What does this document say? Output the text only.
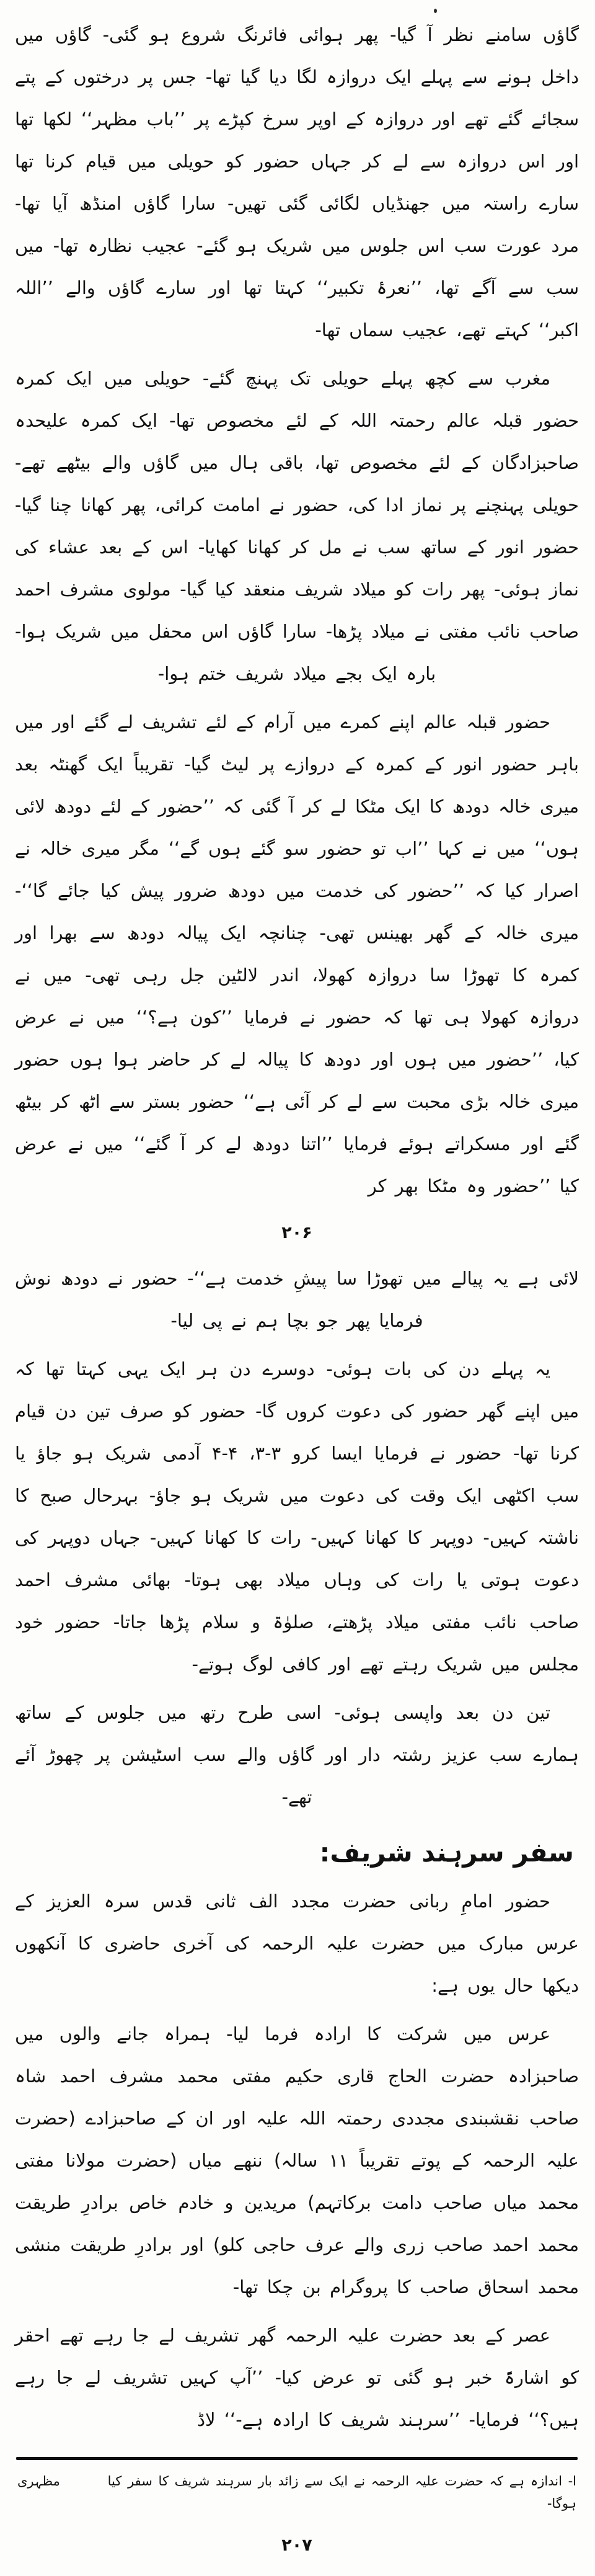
گاؤں سامنے نظر آ گیا- پھر ہوائی فائرنگ شروع ہو گئی- گاؤں میں داخل ہونے سے پہلے ایک دروازہ لگا دیا گیا تھا- جس پر درختوں کے پتے سجائے گئے تھے اور دروازہ کے اوپر سرخ کپڑے پر ’’باب مظہر‘‘ لکھا تھا اور اس دروازہ سے لے کر جہاں حضور کو حویلی میں قیام کرنا تھا سارے راستہ میں جھنڈیاں لگائی گئی تھیں- سارا گاؤں امنڈھ آیا تھا- مرد عورت سب اس جلوس میں شریک ہو گئے- عجیب نظارہ تھا- میں سب سے آگے تھا، ’’نعرۂ تکبیر‘‘ کہتا تھا اور سارے گاؤں والے ’’اللہ اکبر‘‘ کہتے تھے، عجیب سماں تھا-

مغرب سے کچھ پہلے حویلی تک پہنچ گئے- حویلی میں ایک کمرہ حضور قبلہ عالم رحمتہ اللہ کے لئے مخصوص تھا- ایک کمرہ علیحدہ صاحبزادگان کے لئے مخصوص تھا، باقی ہال میں گاؤں والے بیٹھے تھے- حویلی پہنچنے پر نماز ادا کی، حضور نے امامت کرائی، پھر کھانا چنا گیا- حضور انور کے ساتھ سب نے مل کر کھانا کھایا- اس کے بعد عشاء کی نماز ہوئی- پھر رات کو میلاد شریف منعقد کیا گیا- مولوی مشرف احمد صاحب نائب مفتی نے میلاد پڑھا- سارا گاؤں اس محفل میں شریک ہوا- بارہ ایک بجے میلاد شریف ختم ہوا-

حضور قبلہ عالم اپنے کمرے میں آرام کے لئے تشریف لے گئے اور میں باہر حضور انور کے کمرہ کے دروازے پر لیٹ گیا- تقریباً ایک گھنٹہ بعد میری خالہ دودھ کا ایک مٹکا لے کر آ گئی کہ ’’حضور کے لئے دودھ لائی ہوں‘‘ میں نے کہا ’’اب تو حضور سو گئے ہوں گے‘‘ مگر میری خالہ نے اصرار کیا کہ ’’حضور کی خدمت میں دودھ ضرور پیش کیا جائے گا‘‘- میری خالہ کے گھر بھینس تھی- چنانچہ ایک پیالہ دودھ سے بھرا اور کمرہ کا تھوڑا سا دروازہ کھولا، اندر لالٹین جل رہی تھی- میں نے دروازہ کھولا ہی تھا کہ حضور نے فرمایا ’’کون ہے؟‘‘ میں نے عرض کیا، ’’حضور میں ہوں اور دودھ کا پیالہ لے کر حاضر ہوا ہوں حضور میری خالہ بڑی محبت سے لے کر آئی ہے‘‘ حضور بستر سے اٹھ کر بیٹھ گئے اور مسکراتے ہوئے فرمایا ’’اتنا دودھ لے کر آ گئے‘‘ میں نے عرض کیا ’’حضور وہ مٹکا بھر کر

۲۰۶

لائی ہے یہ پیالے میں تھوڑا سا پیشِ خدمت ہے‘‘- حضور نے دودھ نوش فرمایا پھر جو بچا ہم نے پی لیا-

یہ پہلے دن کی بات ہوئی- دوسرے دن ہر ایک یہی کہتا تھا کہ میں اپنے گھر حضور کی دعوت کروں گا- حضور کو صرف تین دن قیام کرنا تھا- حضور نے فرمایا ایسا کرو ۳-۳، ۴-۴ آدمی شریک ہو جاؤ یا سب اکٹھی ایک وقت کی دعوت میں شریک ہو جاؤ- بہرحال صبح کا ناشتہ کہیں- دوپہر کا کھانا کہیں- رات کا کھانا کہیں- جہاں دوپہر کی دعوت ہوتی یا رات کی وہاں میلاد بھی ہوتا- بھائی مشرف احمد صاحب نائب مفتی میلاد پڑھتے، صلوٰۃ و سلام پڑھا جاتا- حضور خود مجلس میں شریک رہتے تھے اور کافی لوگ ہوتے-

تین دن بعد واپسی ہوئی- اسی طرح رتھ میں جلوس کے ساتھ ہمارے سب عزیز رشتہ دار اور گاؤں والے سب اسٹیشن پر چھوڑ آئے تھے-

سفر سرہند شریف:

حضور امامِ ربانی حضرت مجدد الف ثانی قدس سرہ العزیز کے عرس مبارک میں حضرت علیہ الرحمہ کی آخری حاضری کا آنکھوں دیکھا حال یوں ہے:

عرس میں شرکت کا ارادہ فرما لیا- ہمراہ جانے والوں میں صاحبزادہ حضرت الحاج قاری حکیم مفتی محمد مشرف احمد شاہ صاحب نقشبندی مجددی رحمتہ اللہ علیہ اور ان کے صاحبزادے (حضرت علیہ الرحمہ کے پوتے تقریباً ۱۱ سالہ) ننھے میاں (حضرت مولانا مفتی محمد میاں صاحب دامت برکاتہم) مریدین و خادم خاص برادرِ طریقت محمد احمد صاحب زری والے عرف حاجی کلو) اور برادرِ طریقت منشی محمد اسحاق صاحب کا پروگرام بن چکا تھا-

عصر کے بعد حضرت علیہ الرحمہ گھر تشریف لے جا رہے تھے احقر کو اشارۃً خبر ہو گئی تو عرض کیا- ’’آپ کہیں تشریف لے جا رہے ہیں؟‘‘ فرمایا- ’’سرہند شریف کا ارادہ ہے-‘‘ لاڈ

ا- اندازہ ہے کہ حضرت علیہ الرحمہ نے ایک سے زائد بار سرہند شریف کا سفر کیا ہوگا-
مظہری
۲۰۷
